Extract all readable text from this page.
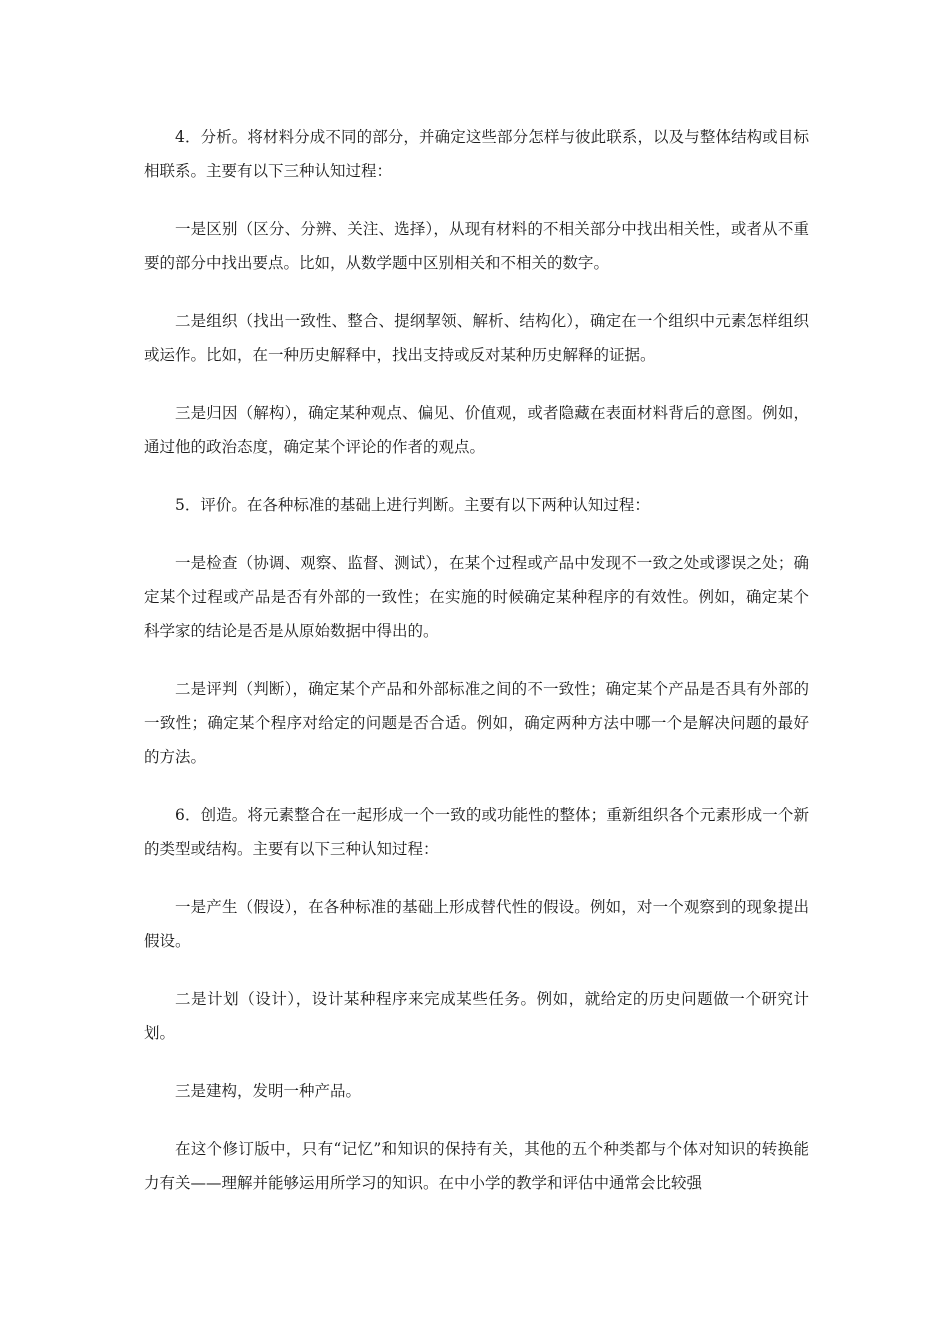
4．分析。将材料分成不同的部分，并确定这些部分怎样与彼此联系，以及与整体结构或目标相联系。主要有以下三种认知过程：

一是区别（区分、分辨、关注、选择），从现有材料的不相关部分中找出相关性，或者从不重要的部分中找出要点。比如，从数学题中区别相关和不相关的数字。

二是组织（找出一致性、整合、提纲挈领、解析、结构化），确定在一个组织中元素怎样组织或运作。比如，在一种历史解释中，找出支持或反对某种历史解释的证据。

三是归因（解构），确定某种观点、偏见、价值观，或者隐藏在表面材料背后的意图。例如，通过他的政治态度，确定某个评论的作者的观点。

5．评价。在各种标准的基础上进行判断。主要有以下两种认知过程：

一是检查（协调、观察、监督、测试），在某个过程或产品中发现不一致之处或谬误之处；确定某个过程或产品是否有外部的一致性；在实施的时候确定某种程序的有效性。例如，确定某个科学家的结论是否是从原始数据中得出的。

二是评判（判断），确定某个产品和外部标准之间的不一致性；确定某个产品是否具有外部的一致性；确定某个程序对给定的问题是否合适。例如，确定两种方法中哪一个是解决问题的最好的方法。

6．创造。将元素整合在一起形成一个一致的或功能性的整体；重新组织各个元素形成一个新的类型或结构。主要有以下三种认知过程：

一是产生（假设），在各种标准的基础上形成替代性的假设。例如，对一个观察到的现象提出假设。

二是计划（设计），设计某种程序来完成某些任务。例如，就给定的历史问题做一个研究计划。

三是建构，发明一种产品。

在这个修订版中，只有“记忆”和知识的保持有关，其他的五个种类都与个体对知识的转换能力有关——理解并能够运用所学习的知识。在中小学的教学和评估中通常会比较强
